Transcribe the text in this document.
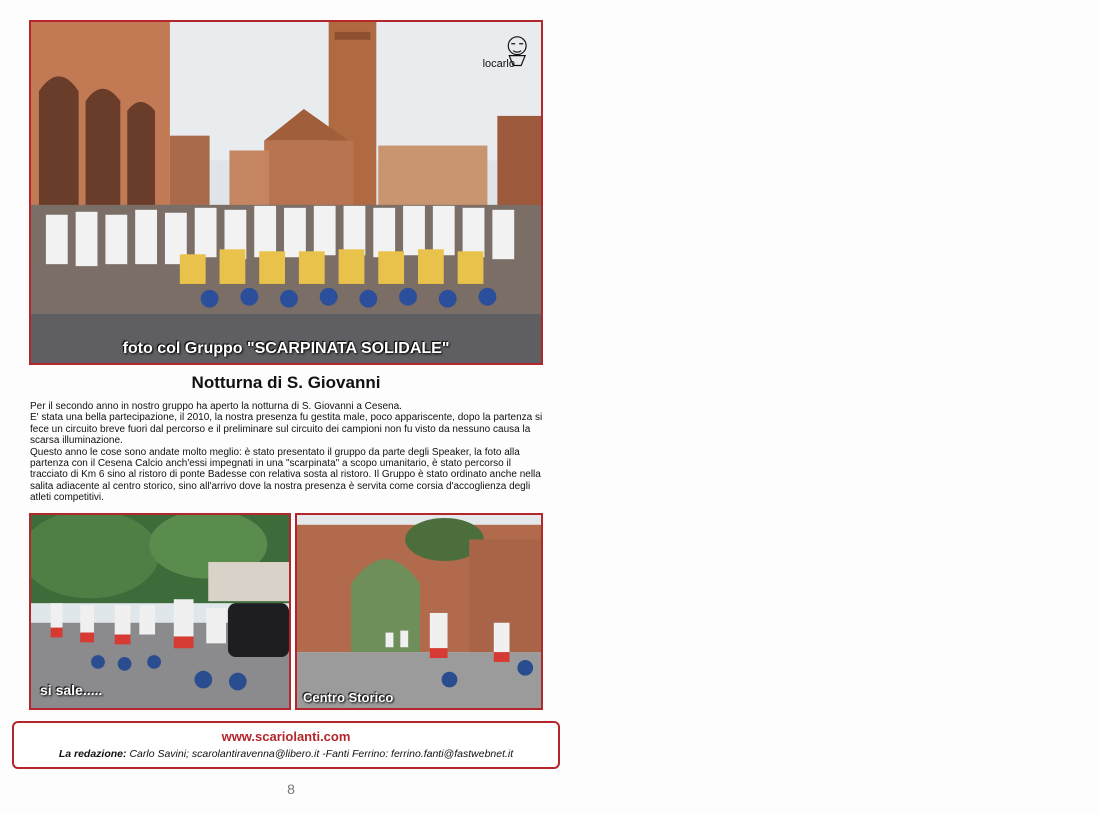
locarlo
foto col Gruppo "SCARPINATA SOLIDALE"
Notturna di S. Giovanni

Per il secondo anno in nostro gruppo ha aperto la notturna di S. Giovanni a Cesena.

E' stata una bella partecipazione, il 2010, la nostra presenza fu gestita male, poco appariscente, dopo la partenza si fece un circuito breve fuori dal percorso e il preliminare sul circuito dei campioni non fu visto da nessuno causa la scarsa illuminazione.

Questo anno le cose sono andate molto meglio: è stato presentato il gruppo da parte degli Speaker, la foto alla partenza con il Cesena Calcio anch'essi impegnati in una "scarpinata" a scopo umanitario, è stato percorso il tracciato di Km 6 sino al ristoro di ponte Badesse con relativa sosta al ristoro. Il Gruppo è stato ordinato anche nella salita adiacente al centro storico, sino all'arrivo dove la nostra presenza è servita come corsia d'accoglienza degli atleti competitivi.

si sale.....	Centro Storico
www.scariolanti.com
La redazione: Carlo Savini; scarolantiravenna@libero.it -Fanti Ferrino: ferrino.fanti@fastwebnet.it
8
